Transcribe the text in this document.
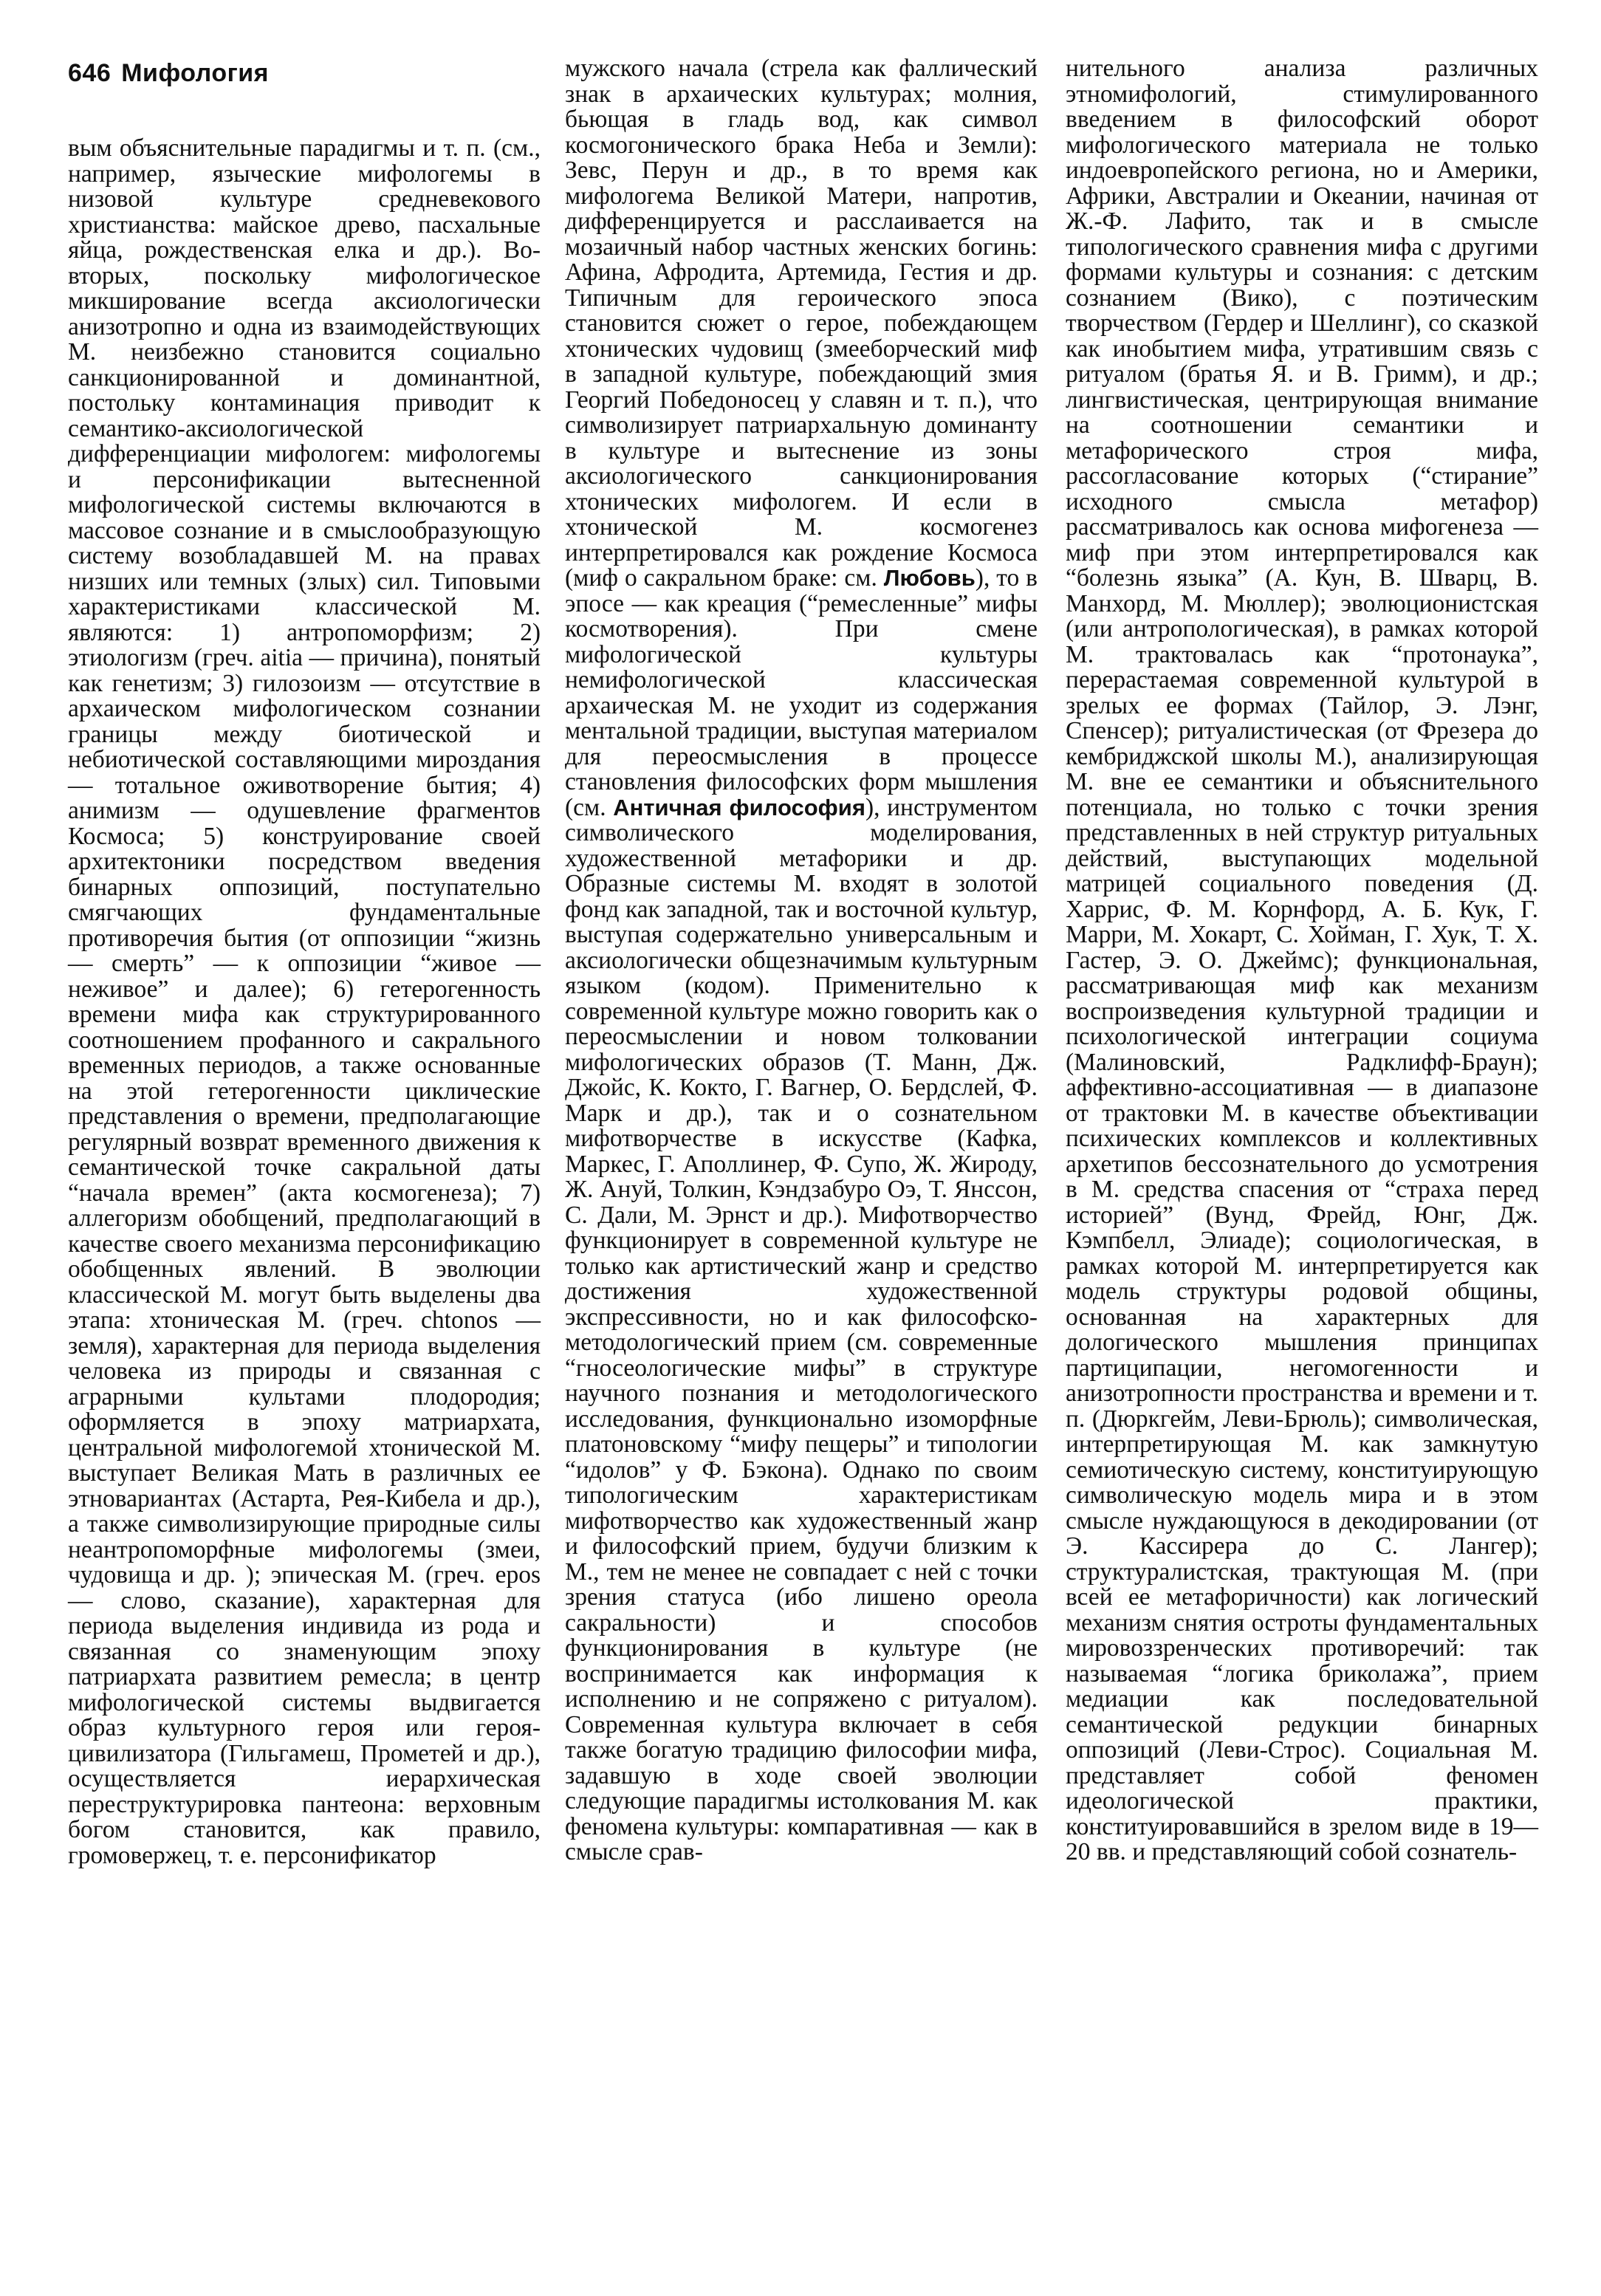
646 Мифология

вым объяснительные парадигмы и т. п. (см., например, языческие мифологемы в низовой культуре средневекового христианства: майское древо, пасхальные яйца, рождественская елка и др.). Во-вторых, поскольку мифологическое микширование всегда аксиологически анизотропно и одна из взаимодействующих М. неизбежно становится социально санкционированной и доминантной, постольку контаминация приводит к семантико-аксиологической дифференциации мифологем: мифологемы и персонификации вытесненной мифологической системы включаются в массовое сознание и в смыслообразующую систему возобладавшей М. на правах низших или темных (злых) сил. Типовыми характеристиками классической М. являются: 1) антропоморфизм; 2) этиологизм (греч. aitia — причина), понятый как генетизм; 3) гилозоизм — отсутствие в архаическом мифологическом сознании границы между биотической и небиотической составляющими мироздания — тотальное оживотворение бытия; 4) анимизм — одушевление фрагментов Космоса; 5) конструирование своей архитектоники посредством введения бинарных оппозиций, поступательно смягчающих фундаментальные противоречия бытия (от оппозиции “жизнь — смерть” — к оппозиции “живое — неживое” и далее); 6) гетерогенность времени мифа как структурированного соотношением профанного и сакрального временных периодов, а также основанные на этой гетерогенности циклические представления о времени, предполагающие регулярный возврат временного движения к семантической точке сакральной даты “начала времен” (акта космогенеза); 7) аллегоризм обобщений, предполагающий в качестве своего механизма персонификацию обобщенных явлений. В эволюции классической М. могут быть выделены два этапа: хтоническая М. (греч. chtonos — земля), характерная для периода выделения человека из природы и связанная с аграрными культами плодородия; оформляется в эпоху матриархата, центральной мифологемой хтонической М. выступает Великая Мать в различных ее этновариантах (Астарта, Рея-Кибела и др.), а также символизирующие природные силы неантропоморфные мифологемы (змеи, чудовища и др. ); эпическая М. (греч. epos — слово, сказание), характерная для периода выделения индивида из рода и связанная со знаменующим эпоху патриархата развитием ремесла; в центр мифологической системы выдвигается образ культурного героя или героя-цивилизатора (Гильгамеш, Прометей и др.), осуществляется иерархическая переструктурировка пантеона: верховным богом становится, как правило, громовержец, т. е. персонификатор

мужского начала (стрела как фаллический знак в архаических культурах; молния, бьющая в гладь вод, как символ космогонического брака Неба и Земли): Зевс, Перун и др., в то время как мифологема Великой Матери, напротив, дифференцируется и расслаивается на мозаичный набор частных женских богинь: Афина, Афродита, Артемида, Гестия и др. Типичным для героического эпоса становится сюжет о герое, побеждающем хтонических чудовищ (змееборческий миф в западной культуре, побеждающий змия Георгий Победоносец у славян и т. п.), что символизирует патриархальную доминанту в культуре и вытеснение из зоны аксиологического санкционирования хтонических мифологем. И если в хтонической М. космогенез интерпретировался как рождение Космоса (миф о сакральном браке: см. Любовь), то в эпосе — как креация (“ремесленные” мифы космотворения). При смене мифологической культуры немифологической классическая архаическая М. не уходит из содержания ментальной традиции, выступая материалом для переосмысления в процессе становления философских форм мышления (см. Античная философия), инструментом символического моделирования, художественной метафорики и др. Образные системы М. входят в золотой фонд как западной, так и восточной культур, выступая содержательно универсальным и аксиологически общезначимым культурным языком (кодом). Применительно к современной культуре можно говорить как о переосмыслении и новом толковании мифологических образов (Т. Манн, Дж. Джойс, К. Кокто, Г. Вагнер, О. Бердслей, Ф. Марк и др.), так и о сознательном мифотворчестве в искусстве (Кафка, Маркес, Г. Аполлинер, Ф. Супо, Ж. Жироду, Ж. Ануй, Толкин, Кэндзабуро Оэ, Т. Янссон, С. Дали, М. Эрнст и др.). Мифотворчество функционирует в современной культуре не только как артистический жанр и средство достижения художественной экспрессивности, но и как философско-методологический прием (см. современные “гносеологические мифы” в структуре научного познания и методологического исследования, функционально изоморфные платоновскому “мифу пещеры” и типологии “идолов” у Ф. Бэкона). Однако по своим типологическим характеристикам мифотворчество как художественный жанр и философский прием, будучи близким к М., тем не менее не совпадает с ней с точки зрения статуса (ибо лишено ореола сакральности) и способов функционирования в культуре (не воспринимается как информация к исполнению и не сопряжено с ритуалом). Современная культура включает в себя также богатую традицию философии мифа, задавшую в ходе своей эволюции следующие парадигмы истолкования М. как феномена культуры: компаративная — как в смысле срав-

нительного анализа различных этномифологий, стимулированного введением в философский оборот мифологического материала не только индоевропейского региона, но и Америки, Африки, Австралии и Океании, начиная от Ж.-Ф. Лафито, так и в смысле типологического сравнения мифа с другими формами культуры и сознания: с детским сознанием (Вико), с поэтическим творчеством (Гердер и Шеллинг), со сказкой как инобытием мифа, утратившим связь с ритуалом (братья Я. и В. Гримм), и др.; лингвистическая, центрирующая внимание на соотношении семантики и метафорического строя мифа, рассогласование которых (“стирание” исходного смысла метафор) рассматривалось как основа мифогенеза — миф при этом интерпретировался как “болезнь языка” (А. Кун, В. Шварц, В. Манхорд, М. Мюллер); эволюционистская (или антропологическая), в рамках которой М. трактовалась как “протонаука”, перерастаемая современной культурой в зрелых ее формах (Тайлор, Э. Лэнг, Спенсер); ритуалистическая (от Фрезера до кембриджской школы М.), анализирующая М. вне ее семантики и объяснительного потенциала, но только с точки зрения представленных в ней структур ритуальных действий, выступающих модельной матрицей социального поведения (Д. Харрис, Ф. М. Корнфорд, А. Б. Кук, Г. Марри, М. Хокарт, С. Хойман, Г. Хук, Т. Х. Гастер, Э. О. Джеймс); функциональная, рассматривающая миф как механизм воспроизведения культурной традиции и психологической интеграции социума (Малиновский, Радклифф-Браун); аффективно-ассоциативная — в диапазоне от трактовки М. в качестве объективации психических комплексов и коллективных архетипов бессознательного до усмотрения в М. средства спасения от “страха перед историей” (Вунд, Фрейд, Юнг, Дж. Кэмпбелл, Элиаде); социологическая, в рамках которой М. интерпретируется как модель структуры родовой общины, основанная на характерных для дологического мышления принципах партиципации, негомогенности и анизотропности пространства и времени и т. п. (Дюркгейм, Леви-Брюль); символическая, интерпретирующая М. как замкнутую семиотическую систему, конституирующую символическую модель мира и в этом смысле нуждающуюся в декодировании (от Э. Кассирера до С. Лангер); структуралистская, трактующая М. (при всей ее метафоричности) как логический механизм снятия остроты фундаментальных мировоззренческих противоречий: так называемая “логика бриколажа”, прием медиации как последовательной семантической редукции бинарных оппозиций (Леви-Строс). Социальная М. представляет собой феномен идеологической практики, конституировавшийся в зрелом виде в 19—20 вв. и представляющий собой сознатель-
